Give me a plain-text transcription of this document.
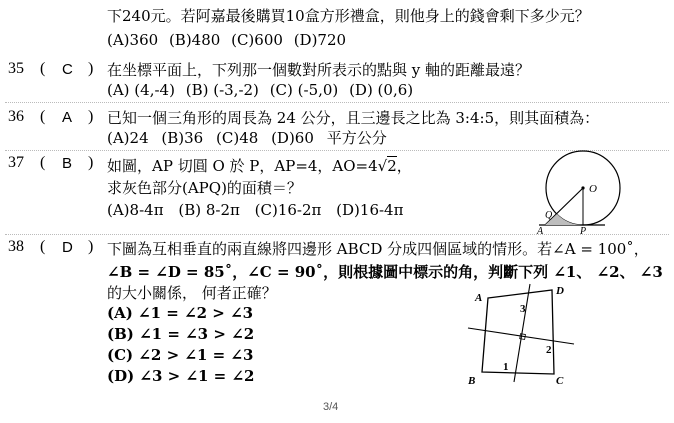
下240元。若阿嘉最後購買10盒方形禮盒，則他身上的錢會剩下多少元？
(A)360 (B)480 (C)600 (D)720
35 ( C ) 在坐標平面上，下列那一個數對所表示的點與 y 軸的距離最遠？
(A) (4,-4) (B) (-3,-2) (C) (-5,0) (D) (0,6)
36 ( A ) 已知一個三角形的周長為 24 公分，且三邊長之比為 3:4:5，則其面積為：
(A)24 (B)36 (C)48 (D)60 平方公分
37 ( B ) 如圖，AP 切圓 O 於 P，AP=4，AO=4√2，
求灰色部分(APQ)的面積＝？
(A)8-4π (B) 8-2π (C)16-2π (D)16-4π
O
Q
A	P
38 ( D ) 下圖為互相垂直的兩直線將四邊形 ABCD 分成四個區域的情形。若∠A = 100˚，
∠B = ∠D = 85˚，∠C = 90˚，則根據圖中標示的角，判斷下列 ∠1、 ∠2、 ∠3
的大小關係， 何者正確？
(A) ∠1 = ∠2 > ∠3
(B) ∠1 = ∠3 > ∠2
(C) ∠2 > ∠1 = ∠3
(D) ∠3 > ∠1 = ∠2
A
D
B	C
1
2
3
3/4
